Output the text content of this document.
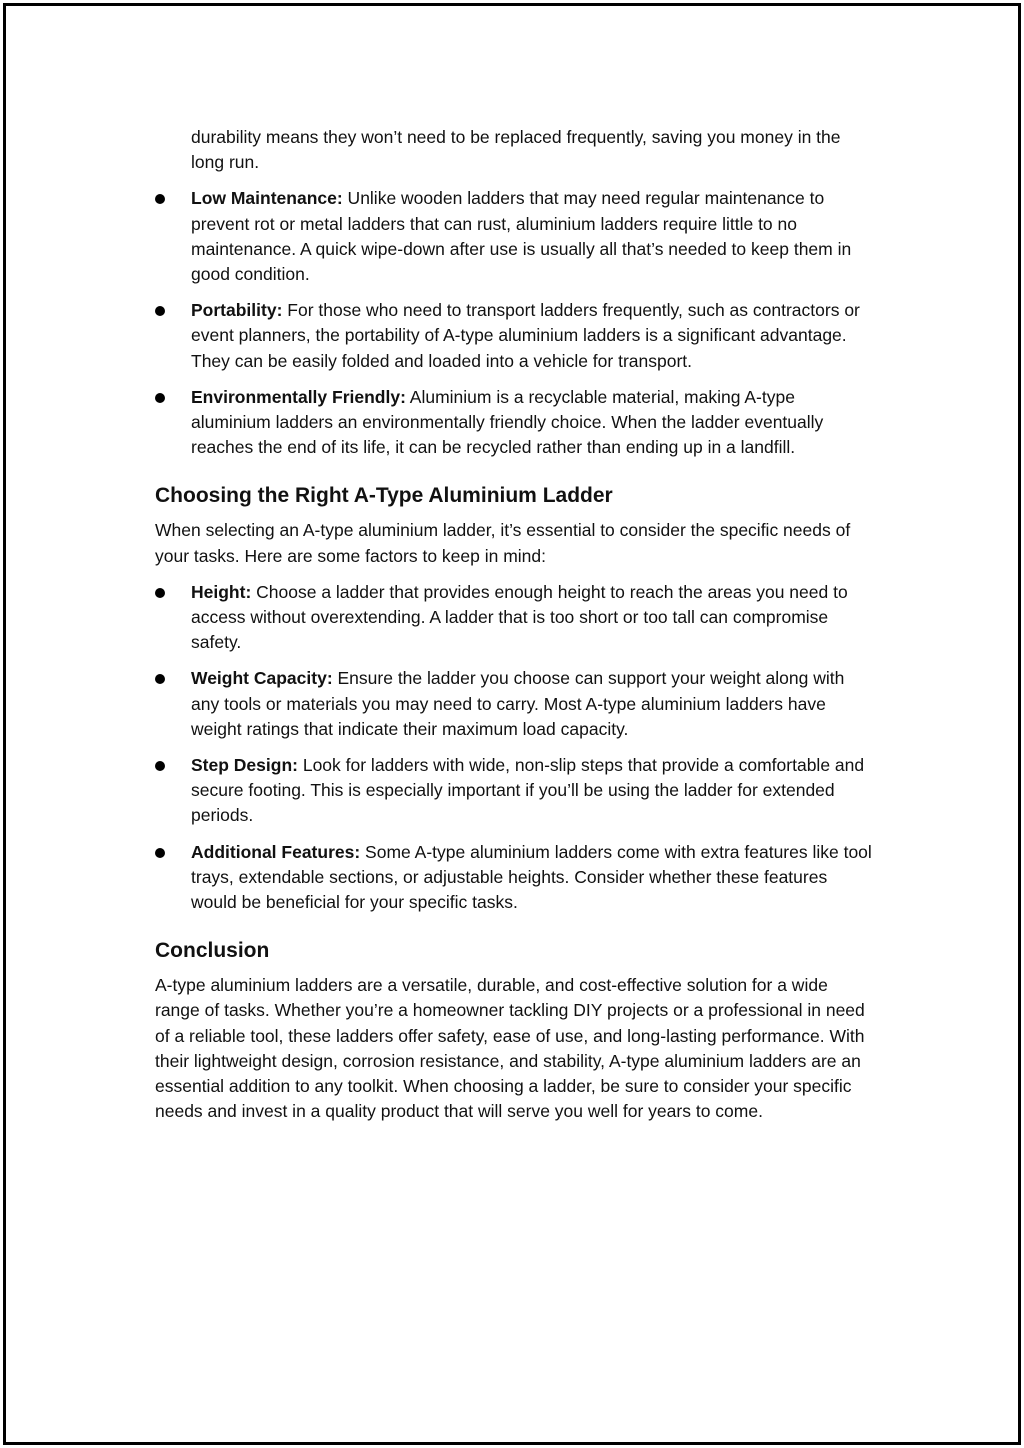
durability means they won’t need to be replaced frequently, saving you money in the long run.

Low Maintenance: Unlike wooden ladders that may need regular maintenance to prevent rot or metal ladders that can rust, aluminium ladders require little to no maintenance. A quick wipe-down after use is usually all that’s needed to keep them in good condition.
Portability: For those who need to transport ladders frequently, such as contractors or event planners, the portability of A-type aluminium ladders is a significant advantage. They can be easily folded and loaded into a vehicle for transport.
Environmentally Friendly: Aluminium is a recyclable material, making A-type aluminium ladders an environmentally friendly choice. When the ladder eventually reaches the end of its life, it can be recycled rather than ending up in a landfill.
Choosing the Right A-Type Aluminium Ladder

When selecting an A-type aluminium ladder, it’s essential to consider the specific needs of your tasks. Here are some factors to keep in mind:

Height: Choose a ladder that provides enough height to reach the areas you need to access without overextending. A ladder that is too short or too tall can compromise safety.
Weight Capacity: Ensure the ladder you choose can support your weight along with any tools or materials you may need to carry. Most A-type aluminium ladders have weight ratings that indicate their maximum load capacity.
Step Design: Look for ladders with wide, non-slip steps that provide a comfortable and secure footing. This is especially important if you’ll be using the ladder for extended periods.
Additional Features: Some A-type aluminium ladders come with extra features like tool trays, extendable sections, or adjustable heights. Consider whether these features would be beneficial for your specific tasks.
Conclusion

A-type aluminium ladders are a versatile, durable, and cost-effective solution for a wide range of tasks. Whether you’re a homeowner tackling DIY projects or a professional in need of a reliable tool, these ladders offer safety, ease of use, and long-lasting performance. With their lightweight design, corrosion resistance, and stability, A-type aluminium ladders are an essential addition to any toolkit. When choosing a ladder, be sure to consider your specific needs and invest in a quality product that will serve you well for years to come.
